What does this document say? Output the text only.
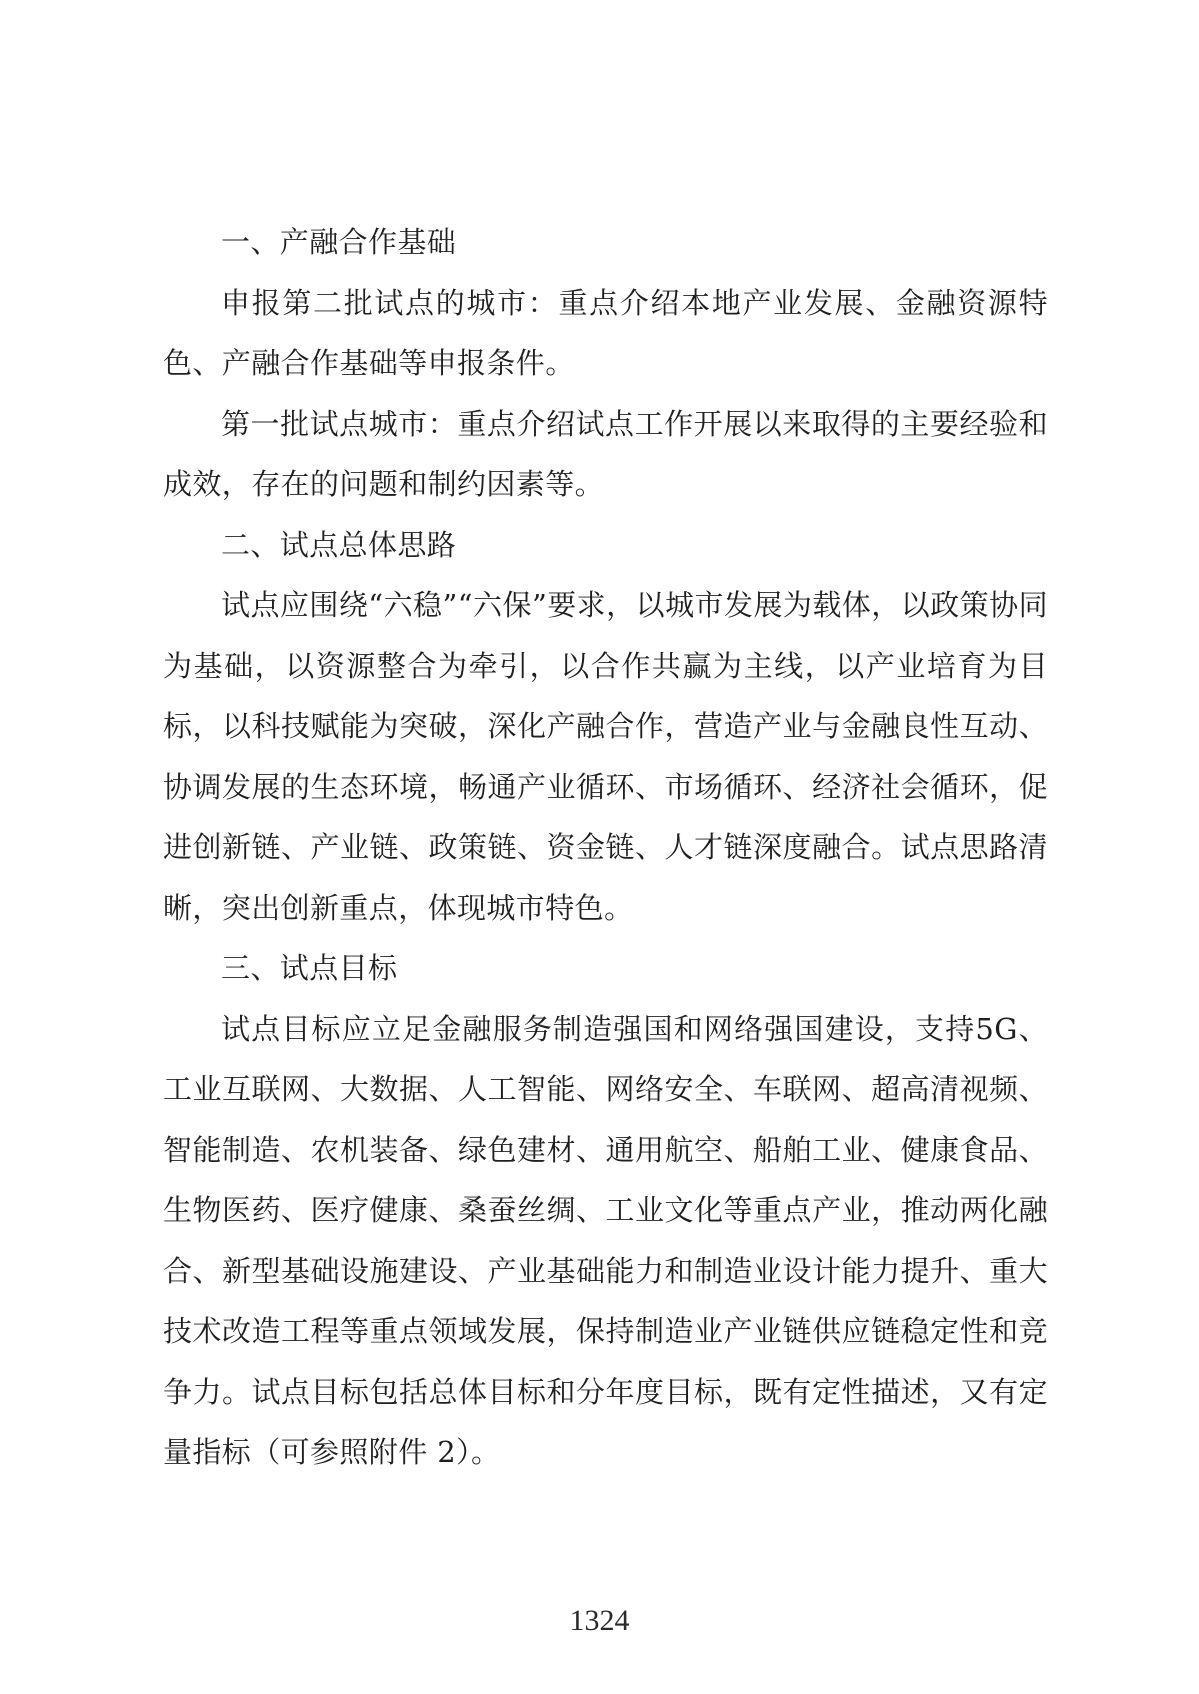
一、产融合作基础

申报第二批试点的城市：重点介绍本地产业发展、金融资源特色、产融合作基础等申报条件。

第一批试点城市：重点介绍试点工作开展以来取得的主要经验和成效，存在的问题和制约因素等。

二、试点总体思路

试点应围绕“六稳”“六保”要求，以城市发展为载体，以政策协同为基础，以资源整合为牵引，以合作共赢为主线，以产业培育为目标，以科技赋能为突破，深化产融合作，营造产业与金融良性互动、协调发展的生态环境，畅通产业循环、市场循环、经济社会循环，促进创新链、产业链、政策链、资金链、人才链深度融合。试点思路清晰，突出创新重点，体现城市特色。

三、试点目标

试点目标应立足金融服务制造强国和网络强国建设，支持5G、工业互联网、大数据、人工智能、网络安全、车联网、超高清视频、智能制造、农机装备、绿色建材、通用航空、船舶工业、健康食品、生物医药、医疗健康、桑蚕丝绸、工业文化等重点产业，推动两化融合、新型基础设施建设、产业基础能力和制造业设计能力提升、重大技术改造工程等重点领域发展，保持制造业产业链供应链稳定性和竞争力。试点目标包括总体目标和分年度目标，既有定性描述，又有定量指标（可参照附件 2）。

1324
